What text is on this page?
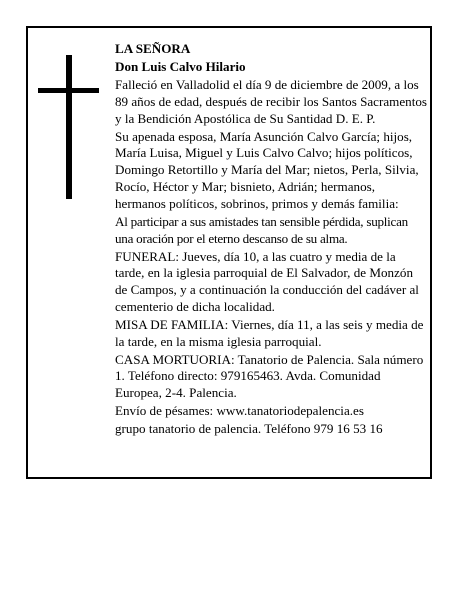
LA SEÑORA

Don Luis Calvo Hilario

Falleció en Valladolid el día 9 de diciembre de 2009, a los 89 años de edad, después de recibir los Santos Sacramentos y la Bendición Apostólica de Su Santidad D. E. P.

Su apenada esposa, María Asunción Calvo García; hijos, María Luisa, Miguel y Luis Calvo Calvo; hijos políticos, Domingo Retortillo y María del Mar; nietos, Perla, Silvia, Rocío, Héctor y Mar; bisnieto, Adrián; hermanos, hermanos políticos, sobrinos, primos y demás familia:

Al participar a sus amistades tan sensible pérdida, suplican una oración por el eterno descanso de su alma.

FUNERAL: Jueves, día 10, a las cuatro y media de la tarde, en la iglesia parroquial de El Salvador, de Monzón de Campos, y a continuación la conducción del cadáver al cementerio de dicha localidad.

MISA DE FAMILIA: Viernes, día 11, a las seis y media de la tarde, en la misma iglesia parroquial.

CASA MORTUORIA: Tanatorio de Palencia. Sala número 1. Teléfono directo: 979165463. Avda. Comunidad Europea, 2-4. Palencia.

Envío de pésames: www.tanatoriodepalencia.es

grupo tanatorio de palencia. Teléfono 979 16 53 16
